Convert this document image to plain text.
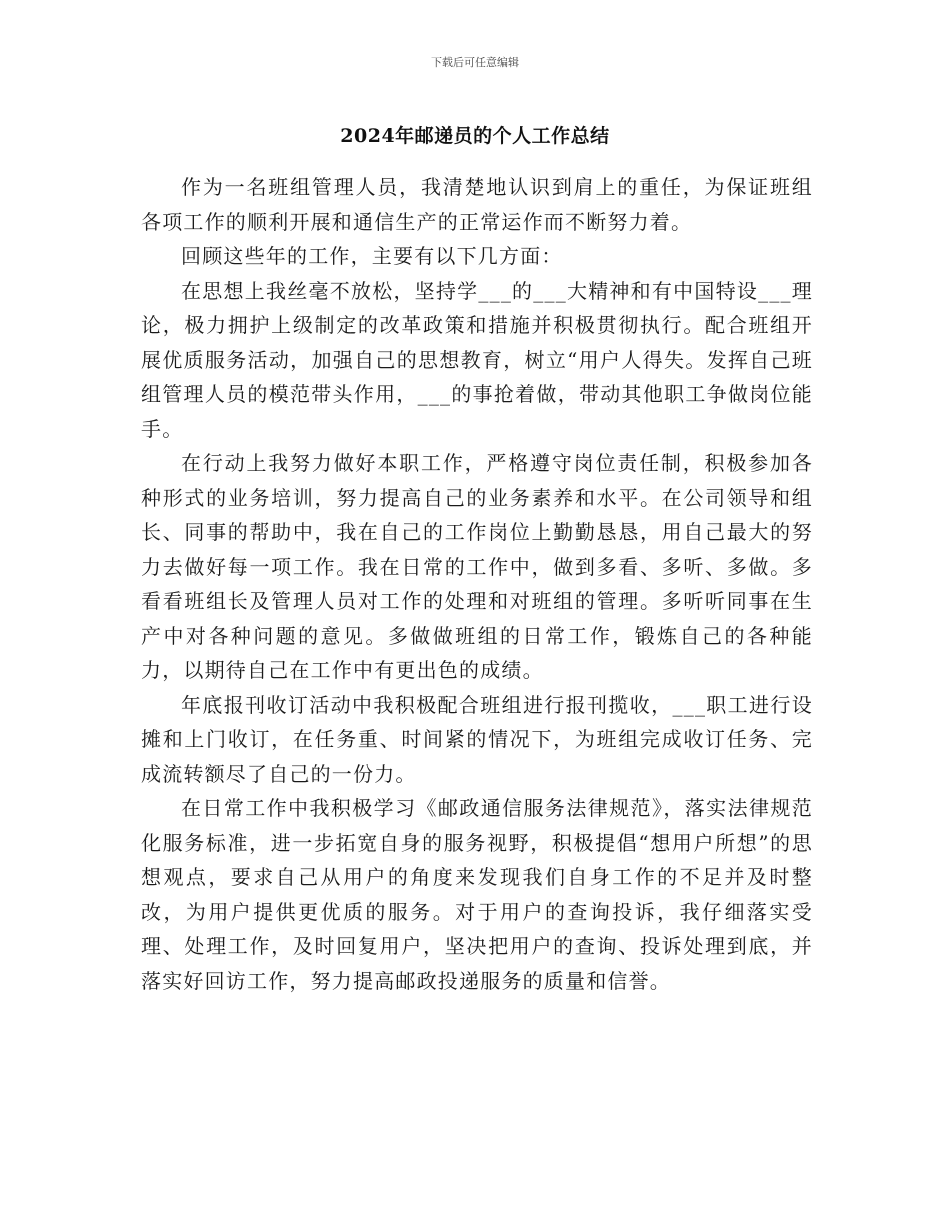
下载后可任意编辑
2024年邮递员的个人工作总结

作为一名班组管理人员，我清楚地认识到肩上的重任，为保证班组各项工作的顺利开展和通信生产的正常运作而不断努力着。

回顾这些年的工作，主要有以下几方面：

在思想上我丝毫不放松，坚持学___的___大精神和有中国特设___理论，极力拥护上级制定的改革政策和措施并积极贯彻执行。配合班组开展优质服务活动，加强自己的思想教育，树立“用户人得失。发挥自己班组管理人员的模范带头作用，___的事抢着做，带动其他职工争做岗位能手。

在行动上我努力做好本职工作，严格遵守岗位责任制，积极参加各种形式的业务培训，努力提高自己的业务素养和水平。在公司领导和组长、同事的帮助中，我在自己的工作岗位上勤勤恳恳，用自己最大的努力去做好每一项工作。我在日常的工作中，做到多看、多听、多做。多看看班组长及管理人员对工作的处理和对班组的管理。多听听同事在生产中对各种问题的意见。多做做班组的日常工作，锻炼自己的各种能力，以期待自己在工作中有更出色的成绩。

年底报刊收订活动中我积极配合班组进行报刊揽收，___职工进行设摊和上门收订，在任务重、时间紧的情况下，为班组完成收订任务、完成流转额尽了自己的一份力。

在日常工作中我积极学习《邮政通信服务法律规范》，落实法律规范化服务标准，进一步拓宽自身的服务视野，积极提倡“想用户所想”的思想观点，要求自己从用户的角度来发现我们自身工作的不足并及时整改，为用户提供更优质的服务。对于用户的查询投诉，我仔细落实受理、处理工作，及时回复用户，坚决把用户的查询、投诉处理到底，并落实好回访工作，努力提高邮政投递服务的质量和信誉。
